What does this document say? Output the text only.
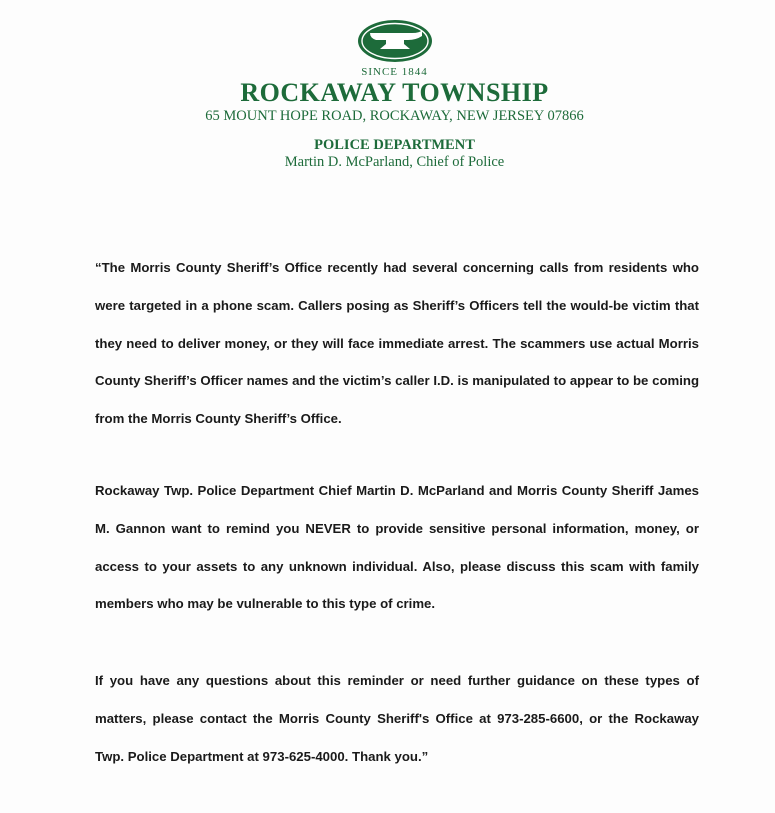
SINCE 1844
ROCKAWAY TOWNSHIP
65 MOUNT HOPE ROAD, ROCKAWAY, NEW JERSEY 07866
POLICE DEPARTMENT
Martin D. McParland, Chief of Police

“The Morris County Sheriff’s Office recently had several concerning calls from residents who were targeted in a phone scam. Callers posing as Sheriff’s Officers tell the would-be victim that they need to deliver money, or they will face immediate arrest. The scammers use actual Morris County Sheriff’s Officer names and the victim’s caller I.D. is manipulated to appear to be coming from the Morris County Sheriff’s Office.

Rockaway Twp. Police Department Chief Martin D. McParland and Morris County Sheriff James M. Gannon want to remind you NEVER to provide sensitive personal information, money, or access to your assets to any unknown individual. Also, please discuss this scam with family members who may be vulnerable to this type of crime.

If you have any questions about this reminder or need further guidance on these types of matters, please contact the Morris County Sheriff's Office at 973-285-6600, or the Rockaway Twp. Police Department at 973-625-4000. Thank you.”
